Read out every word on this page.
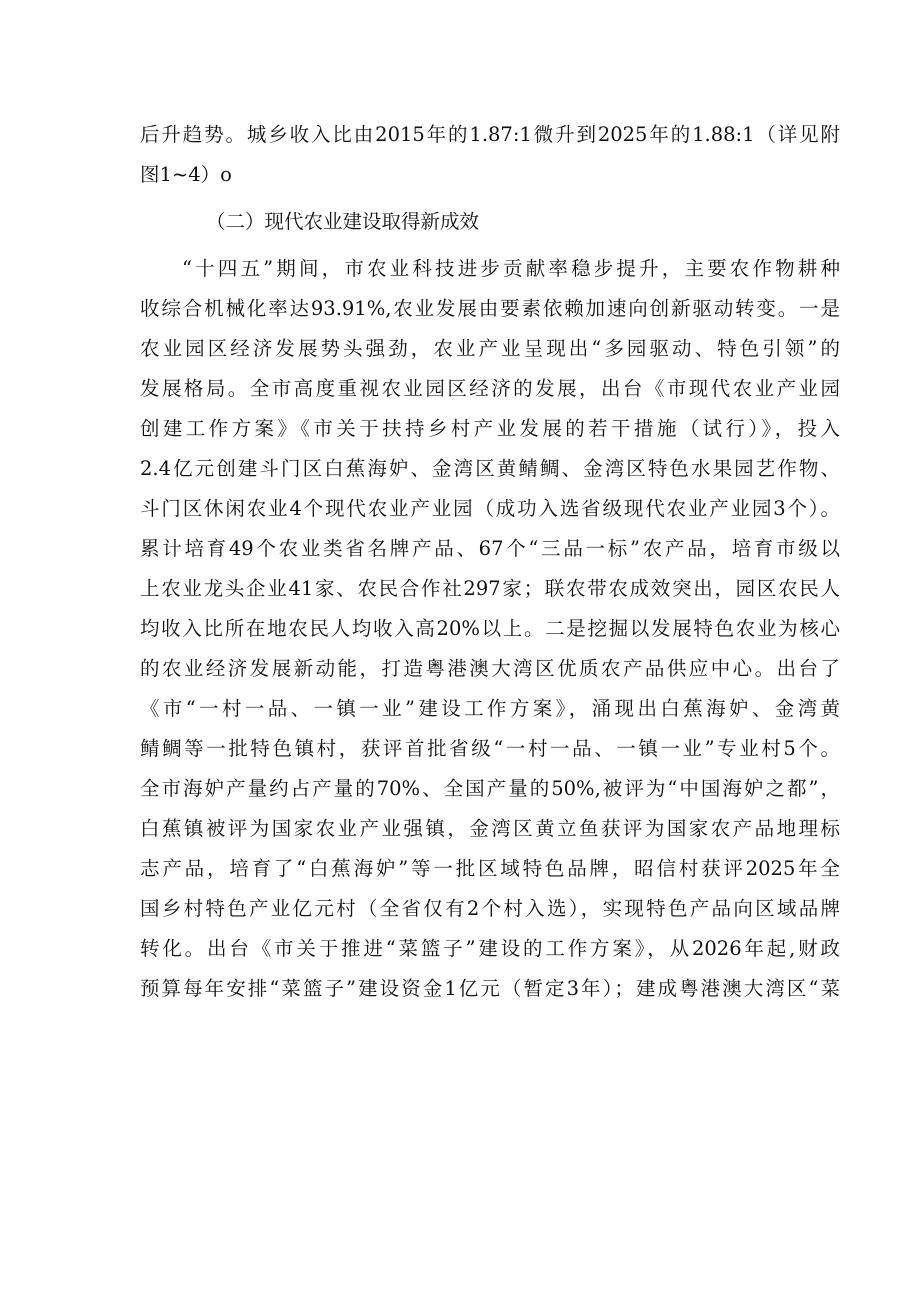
后升趋势。城乡收入比由2015年的1.87:1微升到2025年的1.88:1（详见附
图1~4）o
（二）现代农业建设取得新成效
“十四五”期间，市农业科技进步贡献率稳步提升，主要农作物耕种
收综合机械化率达93.91%,农业发展由要素依赖加速向创新驱动转变。一是
农业园区经济发展势头强劲，农业产业呈现出“多园驱动、特色引领”的
发展格局。全市高度重视农业园区经济的发展，出台《市现代农业产业园
创建工作方案》《市关于扶持乡村产业发展的若干措施（试行）》，投入
2.4亿元创建斗门区白蕉海妒、金湾区黄鲭鲷、金湾区特色水果园艺作物、
斗门区休闲农业4个现代农业产业园（成功入选省级现代农业产业园3个）。
累计培育49个农业类省名牌产品、67个“三品一标”农产品，培育市级以
上农业龙头企业41家、农民合作社297家；联农带农成效突出，园区农民人
均收入比所在地农民人均收入高20%以上。二是挖掘以发展特色农业为核心
的农业经济发展新动能，打造粤港澳大湾区优质农产品供应中心。出台了
《市“一村一品、一镇一业”建设工作方案》，涌现出白蕉海妒、金湾黄
鲭鲷等一批特色镇村，获评首批省级“一村一品、一镇一业”专业村5个。
全市海妒产量约占产量的70%、全国产量的50%,被评为“中国海妒之都”，
白蕉镇被评为国家农业产业强镇，金湾区黄立鱼获评为国家农产品地理标
志产品，培育了“白蕉海妒”等一批区域特色品牌，昭信村获评2025年全
国乡村特色产业亿元村（全省仅有2个村入选），实现特色产品向区域品牌
转化。出台《市关于推进“菜篮子”建设的工作方案》，从2026年起,财政
预算每年安排“菜篮子”建设资金1亿元（暂定3年）；建成粤港澳大湾区“菜
